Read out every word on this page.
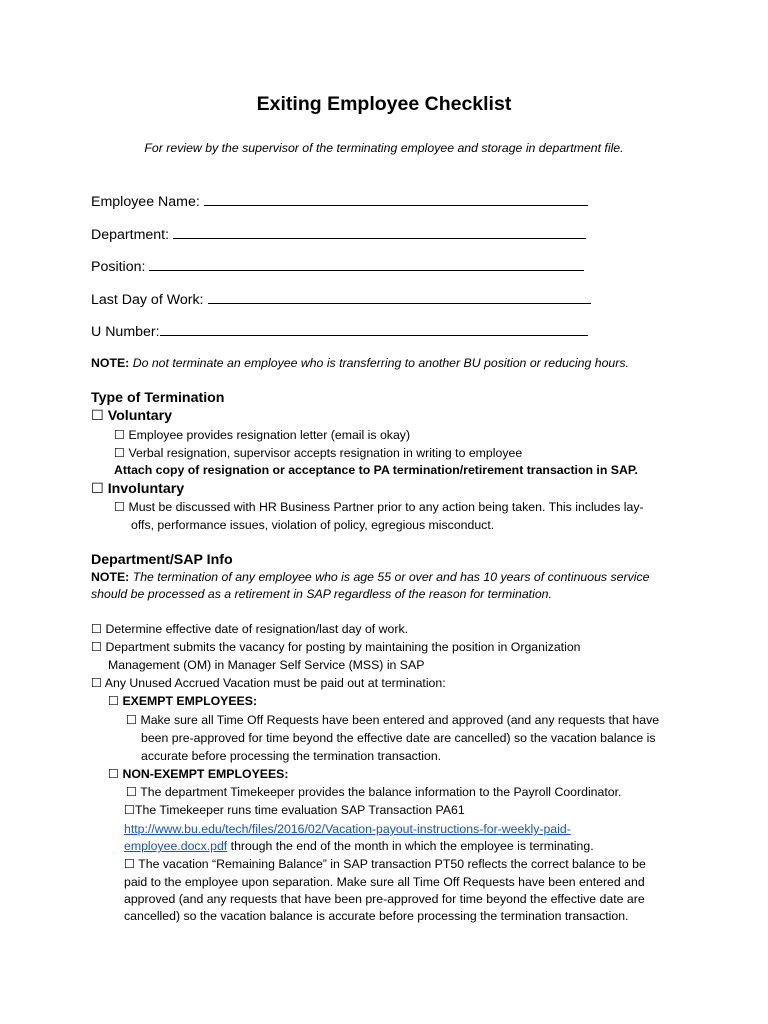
Exiting Employee Checklist
For review by the supervisor of the terminating employee and storage in department file.
Employee Name:
Department:
Position:
Last Day of Work:
U Number:
NOTE: Do not terminate an employee who is transferring to another BU position or reducing hours.
Type of Termination
☐ Voluntary
☐ Employee provides resignation letter (email is okay)
☐ Verbal resignation, supervisor accepts resignation in writing to employee
Attach copy of resignation or acceptance to PA termination/retirement transaction in SAP.
☐ Involuntary
☐ Must be discussed with HR Business Partner prior to any action being taken. This includes lay-
offs, performance issues, violation of policy, egregious misconduct.
Department/SAP Info
NOTE: The termination of any employee who is age 55 or over and has 10 years of continuous service
should be processed as a retirement in SAP regardless of the reason for termination.
☐ Determine effective date of resignation/last day of work.
☐ Department submits the vacancy for posting by maintaining the position in Organization
Management (OM) in Manager Self Service (MSS) in SAP
☐ Any Unused Accrued Vacation must be paid out at termination:
☐ EXEMPT EMPLOYEES:
☐ Make sure all Time Off Requests have been entered and approved (and any requests that have
been pre-approved for time beyond the effective date are cancelled) so the vacation balance is
accurate before processing the termination transaction.
☐ NON-EXEMPT EMPLOYEES:
☐ The department Timekeeper provides the balance information to the Payroll Coordinator.
☐The Timekeeper runs time evaluation SAP Transaction PA61
http://www.bu.edu/tech/files/2016/02/Vacation-payout-instructions-for-weekly-paid-
employee.docx.pdf through the end of the month in which the employee is terminating.
☐ The vacation “Remaining Balance” in SAP transaction PT50 reflects the correct balance to be
paid to the employee upon separation. Make sure all Time Off Requests have been entered and
approved (and any requests that have been pre-approved for time beyond the effective date are
cancelled) so the vacation balance is accurate before processing the termination transaction.
